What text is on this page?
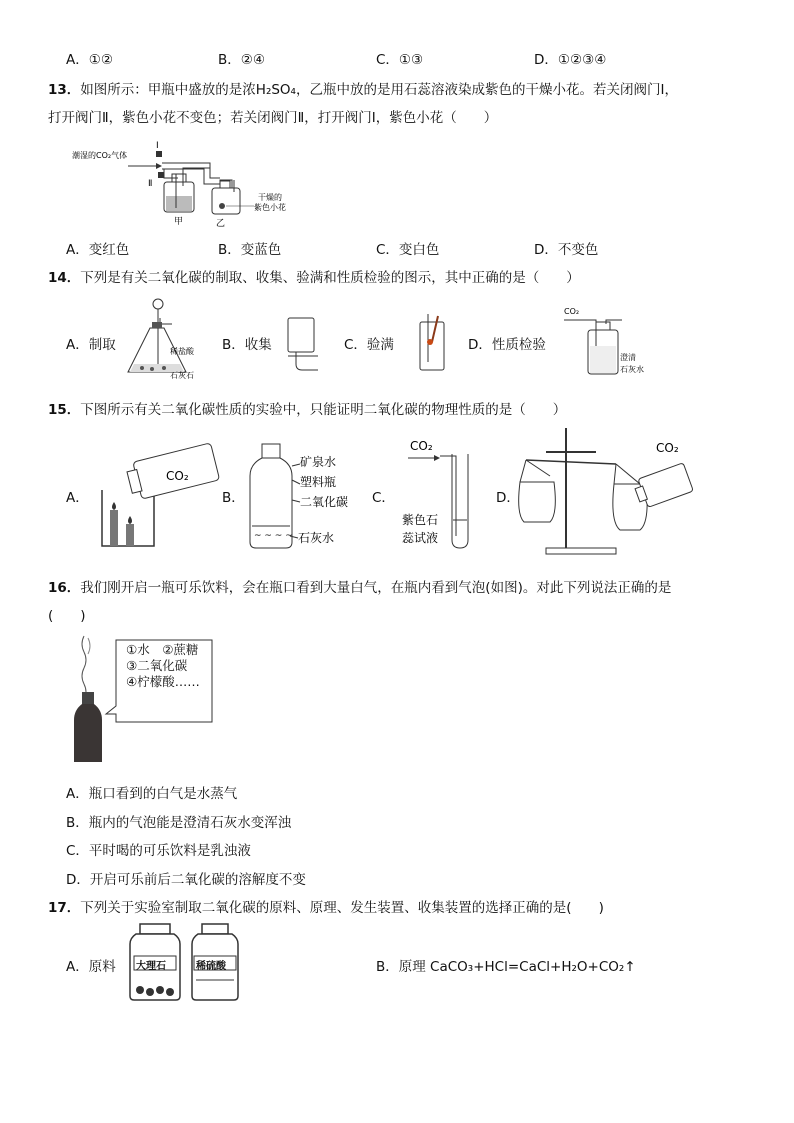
A．①②	B．②④	C．①③	D．①②③④
13．如图所示：甲瓶中盛放的是浓H₂SO₄，乙瓶中放的是用石蕊溶液染成紫色的干燥小花。若关闭阀门Ⅰ，
打开阀门Ⅱ，紫色小花不变色；若关闭阀门Ⅱ，打开阀门Ⅰ，紫色小花（　　）
潮湿的CO₂气体
Ⅰ
Ⅱ
甲	乙
干燥的
紫色小花
A．变红色	B．变蓝色	C．变白色	D．不变色
14．下列是有关二氧化碳的制取、收集、验满和性质检验的图示，其中正确的是（　　）
A．制取	稀盐酸
石灰石
B．收集	C．验满	D．性质检验
CO₂
澄清
石灰水
15．下图所示有关二氧化碳性质的实验中，只能证明二氧化碳的物理性质的是（　　）
A．
CO₂
B．
~ ~ ~ ~
矿泉水
塑料瓶
二氧化碳
石灰水
C．
CO₂
紫色石
蕊试液
D．
CO₂
16．我们刚开启一瓶可乐饮料，会在瓶口看到大量白气，在瓶内看到气泡(如图)。对此下列说法正确的是
(　　)
①水　②蔗糖
③二氧化碳
④柠檬酸……
A．瓶口看到的白气是水蒸气
B．瓶内的气泡能是澄清石灰水变浑浊
C．平时喝的可乐饮料是乳浊液
D．开启可乐前后二氧化碳的溶解度不变
17．下列关于实验室制取二氧化碳的原料、原理、发生装置、收集装置的选择正确的是(　　)
A．原料 大理石	稀硫酸	B．原理 CaCO₃+HCl=CaCl+H₂O+CO₂↑
